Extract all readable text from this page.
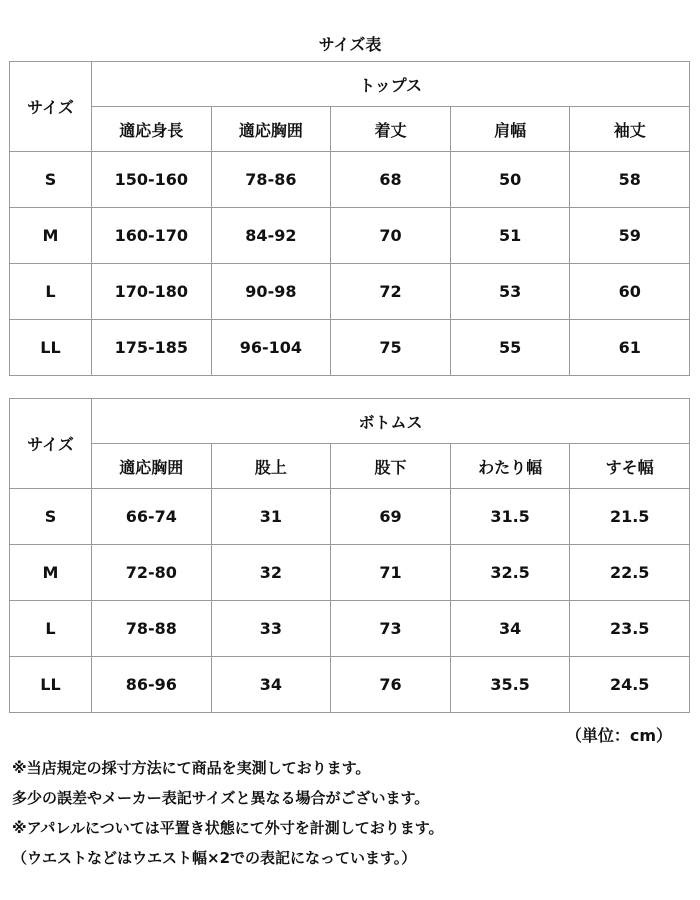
サイズ表
サイズ	トップス				
	適応身長	適応胸囲	着丈	肩幅	袖丈
S	150-160	78-86	68	50	58
M	160-170	84-92	70	51	59
L	170-180	90-98	72	53	60
LL	175-185	96-104	75	55	61
サイズ	ボトムス				
	適応胸囲	股上	股下	わたり幅	すそ幅
S	66-74	31	69	31.5	21.5
M	72-80	32	71	32.5	22.5
L	78-88	33	73	34	23.5
LL	86-96	34	76	35.5	24.5
（単位：cm）
※当店規定の採寸方法にて商品を実測しております。
多少の誤差やメーカー表記サイズと異なる場合がございます。
※アパレルについては平置き状態にて外寸を計測しております。
（ウエストなどはウエスト幅×2での表記になっています。）
